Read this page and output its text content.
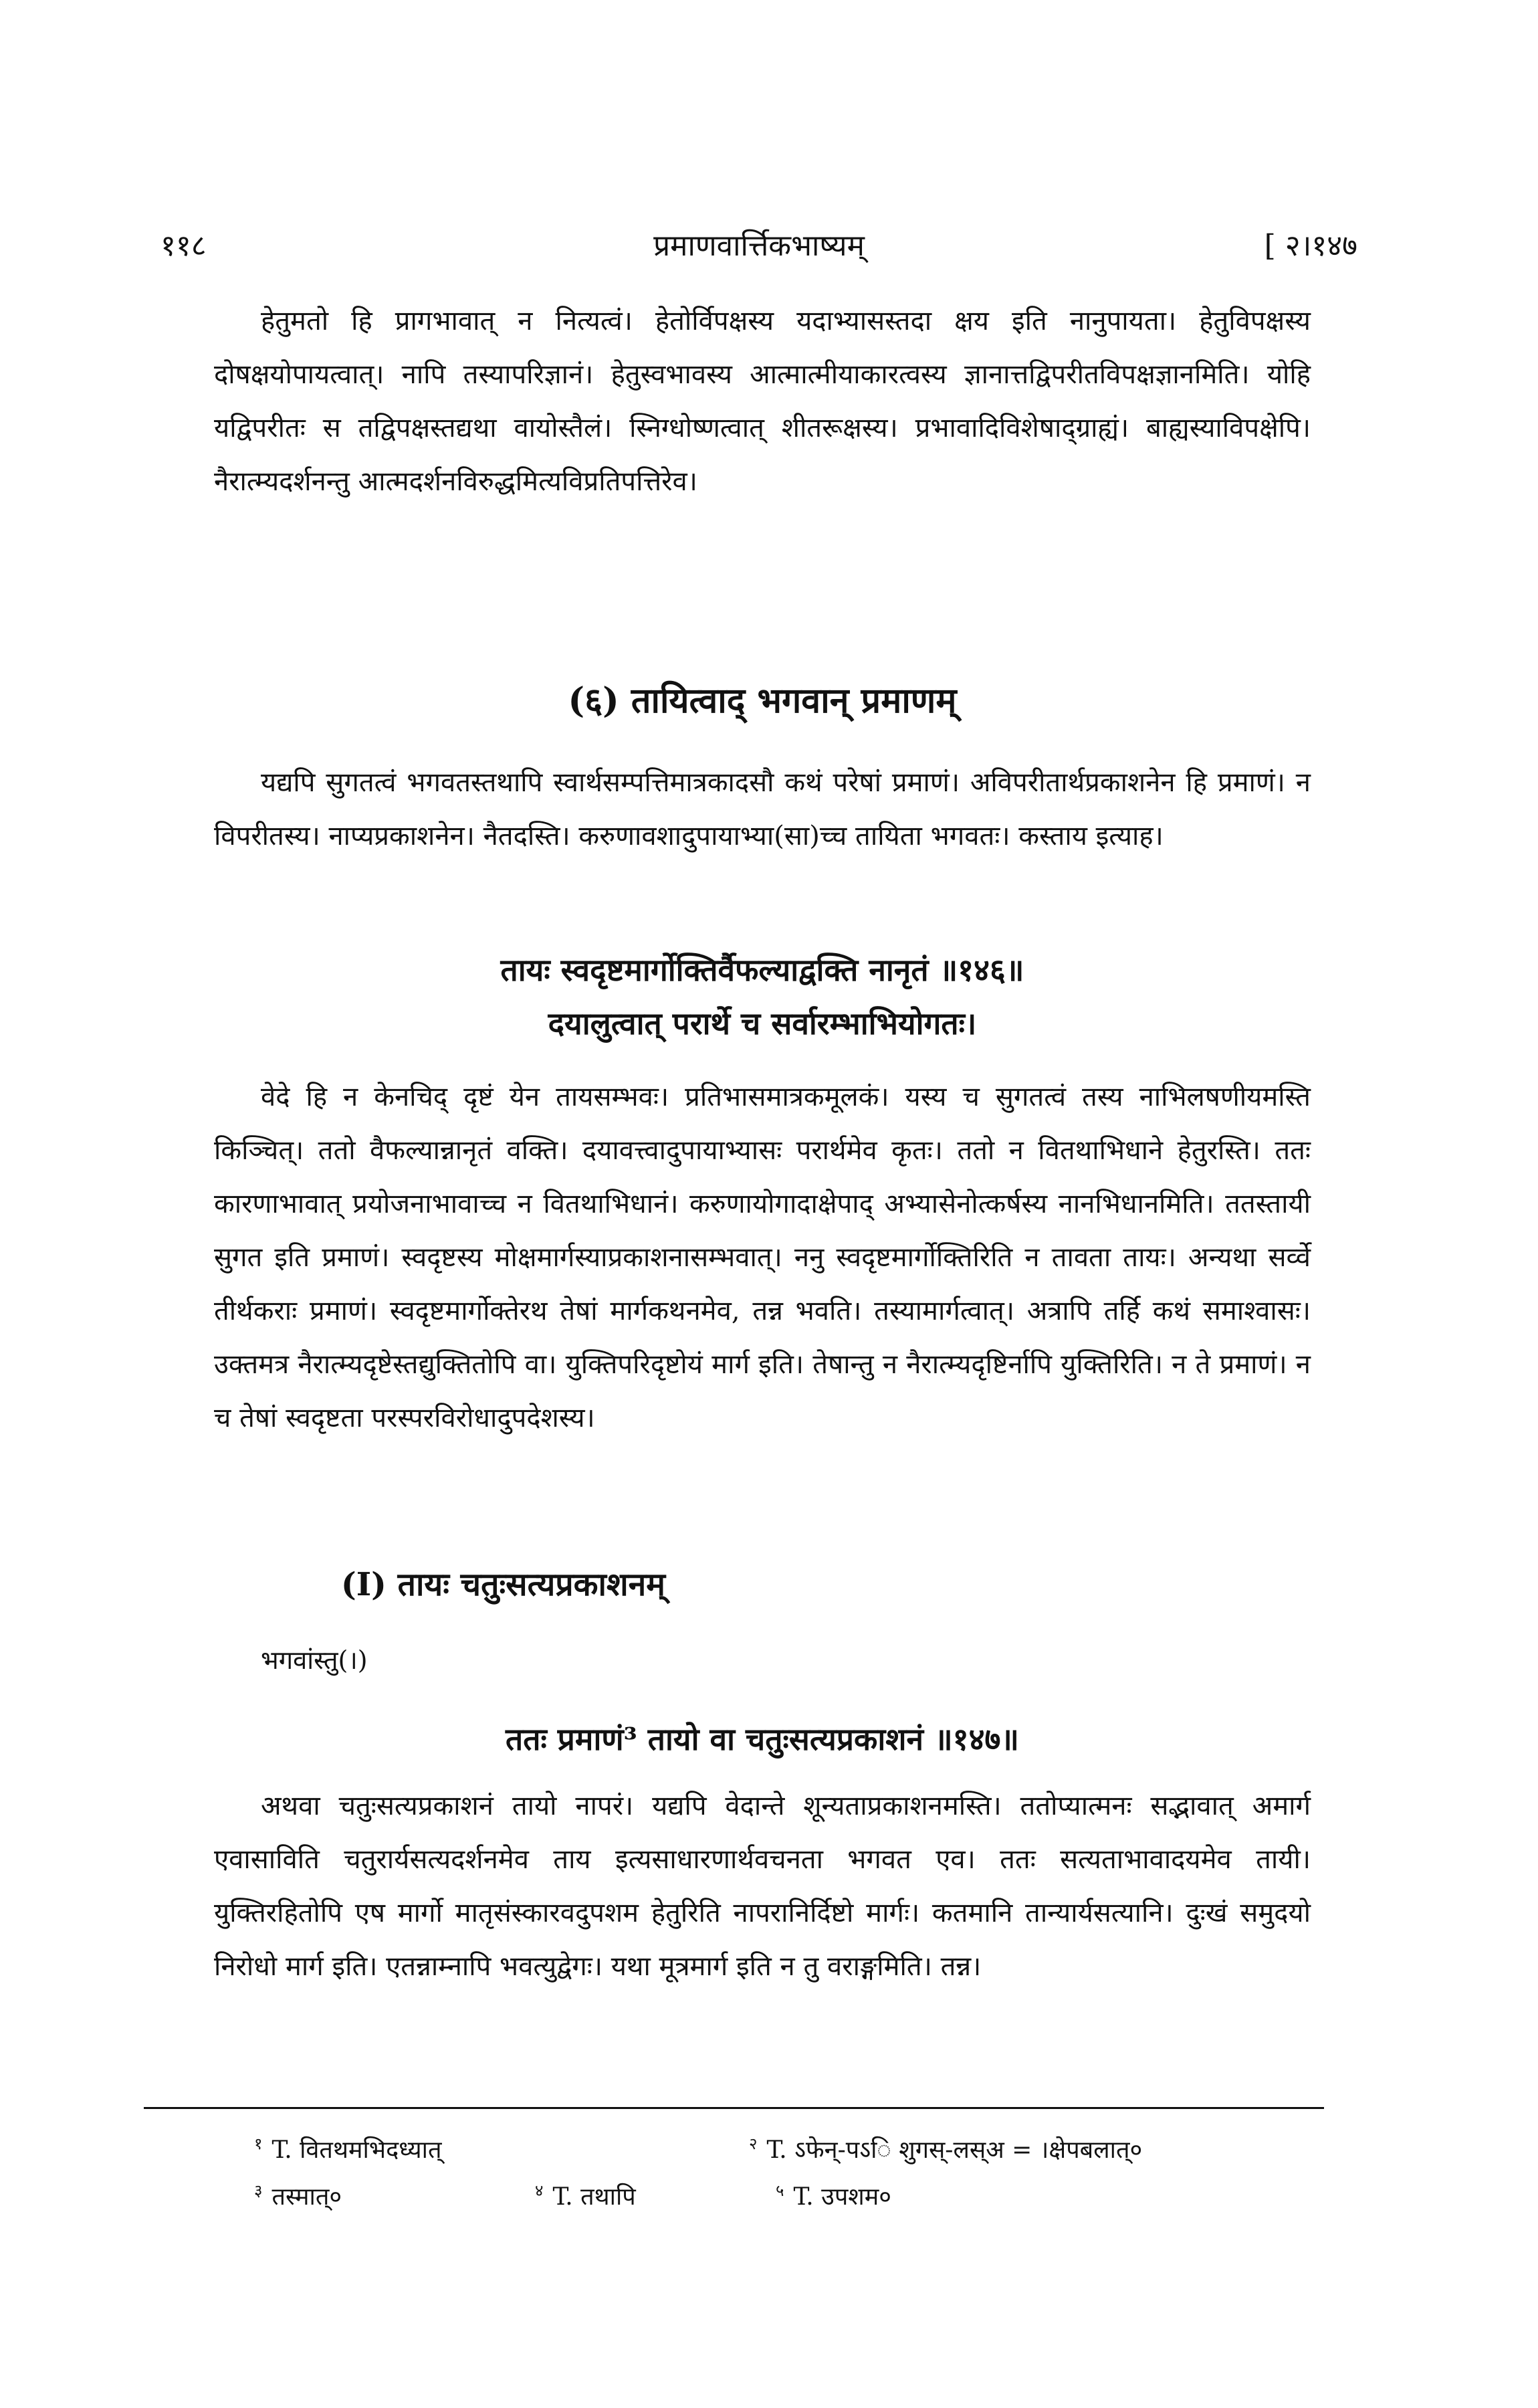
११८	प्रमाणवार्त्तिकभाष्यम्	[ २।१४७

हेतुमतो हि प्रागभावात् न नित्यत्वं। हेतोर्विपक्षस्य यदाभ्यासस्तदा क्षय इति नानुपायता। हेतुविपक्षस्य दोषक्षयोपायत्वात्। नापि तस्यापरिज्ञानं। हेतुस्वभावस्य आत्मात्मीयाकारत्वस्य ज्ञानात्तद्विपरीतविपक्षज्ञानमिति। योहि यद्विपरीतः स तद्विपक्षस्तद्यथा वायोस्तैलं। स्निग्धोष्णत्वात् शीतरूक्षस्य। प्रभावादिविशेषाद्ग्राह्यं। बाह्यस्याविपक्षेपि। नैरात्म्यदर्शनन्तु आत्मदर्शनविरुद्धमित्यविप्रतिपत्तिरेव।

(६) तायित्वाद् भगवान् प्रमाणम्

यद्यपि सुगतत्वं भगवतस्तथापि स्वार्थसम्पत्तिमात्रकादसौ कथं परेषां प्रमाणं। अविपरीतार्थप्रकाशनेन हि प्रमाणं। न विपरीतस्य। नाप्यप्रकाशनेन। नैतदस्ति। करुणावशादुपायाभ्या(सा)च्च तायिता भगवतः। कस्ताय इत्याह।

तायः स्वदृष्टमार्गोक्तिर्वैफल्याद्वक्ति नानृतं ॥१४६॥
दयालुत्वात् परार्थे च सर्वारम्भाभियोगतः।

वेदे हि न केनचिद् दृष्टं येन तायसम्भवः। प्रतिभासमात्रकमूलकं। यस्य च सुगतत्वं तस्य नाभिलषणीयमस्ति किञ्चित्। ततो वैफल्यान्नानृतं वक्ति। दयावत्त्वादुपायाभ्यासः परार्थमेव कृतः। ततो न वितथाभिधाने हेतुरस्ति। ततः कारणाभावात् प्रयोजनाभावाच्च न वितथाभिधानं। करुणायोगादाक्षेपाद् अभ्यासेनोत्कर्षस्य नानभिधानमिति। ततस्तायी सुगत इति प्रमाणं। स्वदृष्टस्य मोक्षमार्गस्याप्रकाशनासम्भवात्। ननु स्वदृष्टमार्गोक्तिरिति न तावता तायः। अन्यथा सर्व्वे तीर्थकराः प्रमाणं। स्वदृष्टमार्गोक्तेरथ तेषां मार्गकथनमेव, तन्न भवति। तस्यामार्गत्वात्। अत्रापि तर्हि कथं समाश्वासः। उक्तमत्र नैरात्म्यदृष्टेस्तद्युक्तितोपि वा। युक्तिपरिदृष्टोयं मार्ग इति। तेषान्तु न नैरात्म्यदृष्टिर्नापि युक्तिरिति। न ते प्रमाणं। न च तेषां स्वदृष्टता परस्परविरोधादुपदेशस्य।

(I) तायः चतुःसत्यप्रकाशनम्
भगवांस्तु(।)
ततः प्रमाणं³ तायो वा चतुःसत्यप्रकाशनं ॥१४७॥

अथवा चतुःसत्यप्रकाशनं तायो नापरं। यद्यपि वेदान्ते शून्यताप्रकाशनमस्ति। ततोप्यात्मनः सद्भावात् अमार्ग एवासाविति चतुरार्यसत्यदर्शनमेव ताय इत्यसाधारणार्थवचनता भगवत एव। ततः सत्यताभावादयमेव तायी। युक्तिरहितोपि एष मार्गो मातृसंस्कारवदुपशम हेतुरिति नापरानिर्दिष्टो मार्गः। कतमानि तान्यार्यसत्यानि। दुःखं समुदयो निरोधो मार्ग इति। एतन्नाम्नापि भवत्युद्वेगः। यथा मूत्रमार्ग इति न तु वराङ्गमिति। तन्न।

$^१$ T. वितथमभिदध्यात्	$^२$ T. ऽफेन्-पऽि शुगस्-लस्अ = ।क्षेपबलात्०
$^३$ तस्मात्०	$^४$ T. तथापि	$^५$ T. उपशम०
